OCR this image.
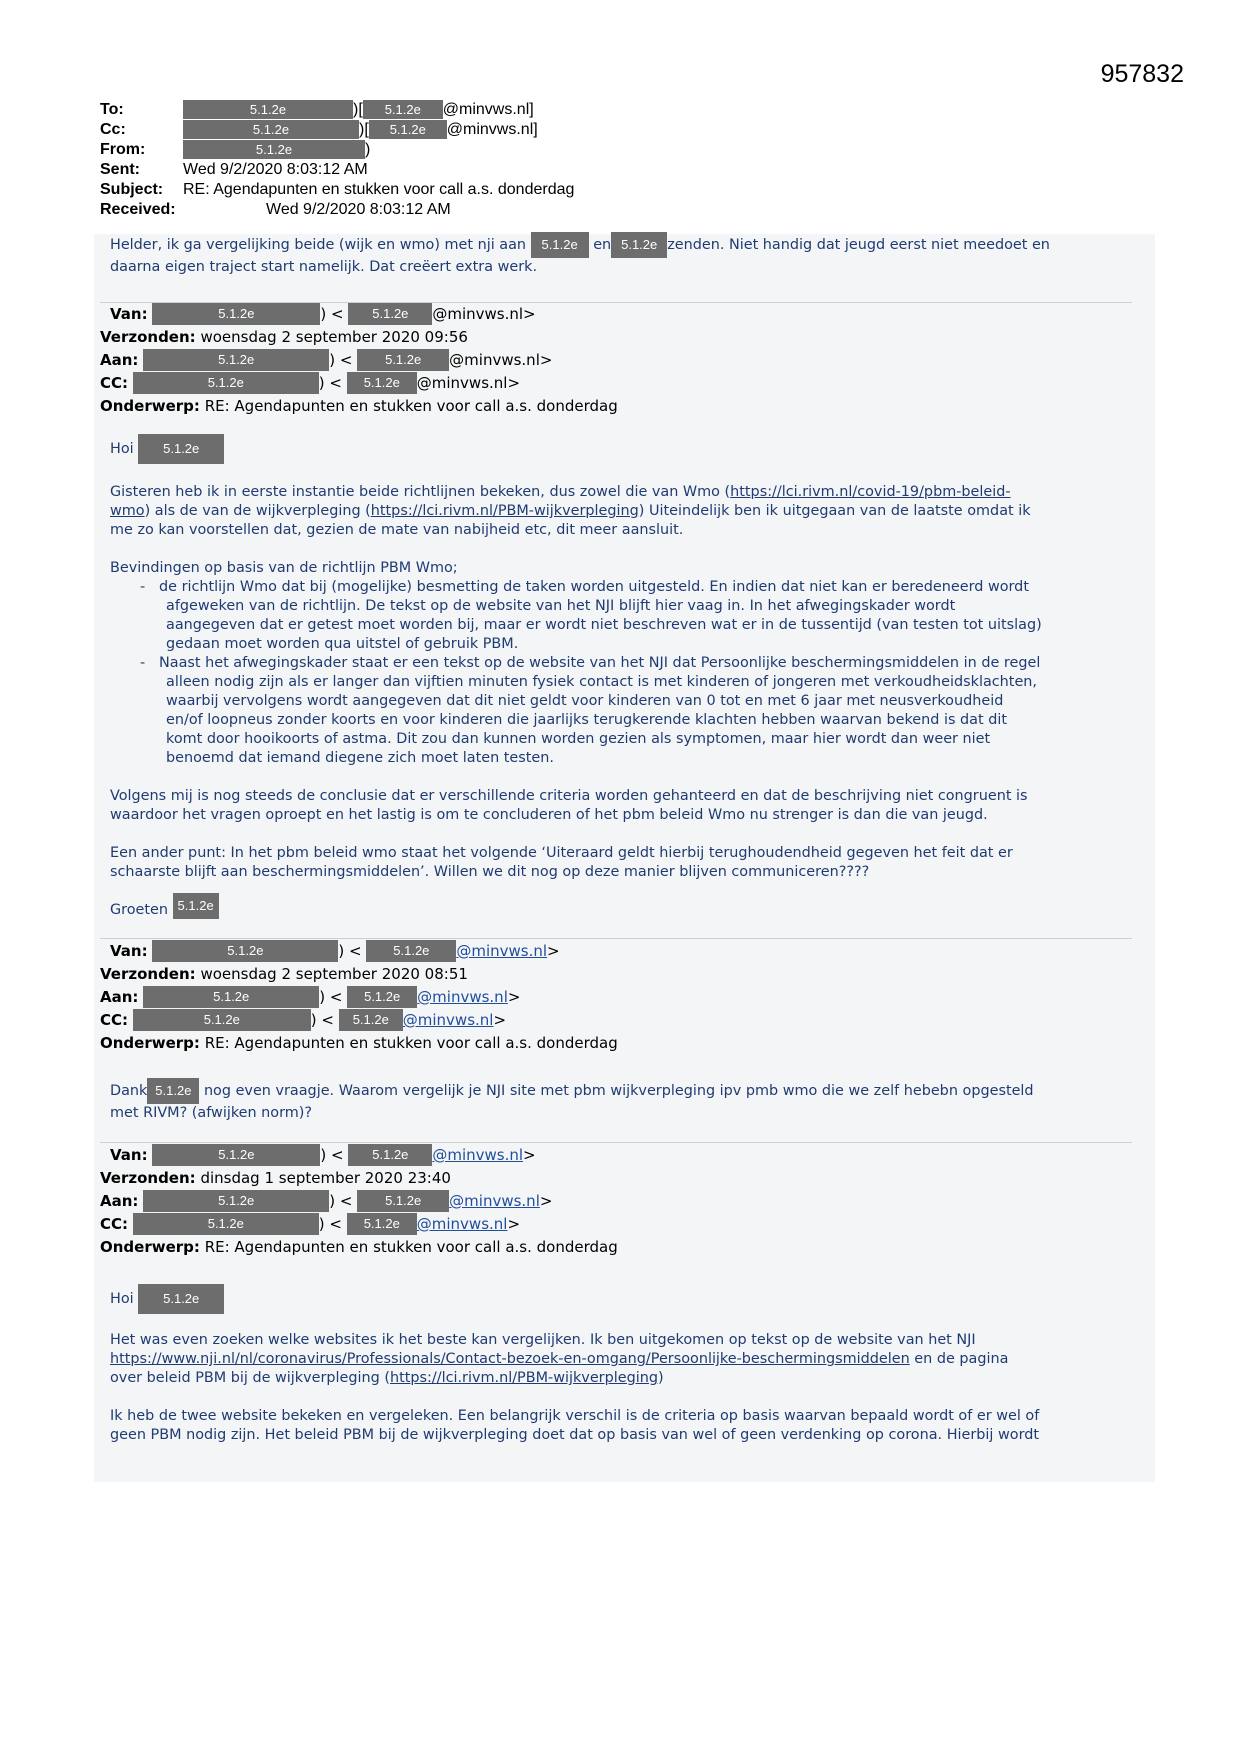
957832
To:	5.1.2e	)[ 5.1.2e @minvws.nl]
Cc:	5.1.2e	)[ 5.1.2e @minvws.nl]
From:	5.1.2e	)
Sent:	Wed 9/2/2020 8:03:12 AM
Subject: RE: Agendapunten en stukken voor call a.s. donderdag
Received:	Wed 9/2/2020 8:03:12 AM

Helder, ik ga vergelijking beide (wijk en wmo) met nji aan 5.1.2e en 5.1.2e zenden. Niet handig dat jeugd eerst niet meedoet en

daarna eigen traject start namelijk. Dat creëert extra werk.

Van:	5.1.2e	) < 5.1.2e @minvws.nl>
Verzonden: woensdag 2 september 2020 09:56
Aan:	5.1.2e	) < 5.1.2e @minvws.nl>
CC:	5.1.2e	) < 5.1.2e @minvws.nl>
Onderwerp: RE: Agendapunten en stukken voor call a.s. donderdag

Hoi 5.1.2e

Gisteren heb ik in eerste instantie beide richtlijnen bekeken, dus zowel die van Wmo (https://lci.rivm.nl/covid-19/pbm-beleid-

wmo) als de van de wijkverpleging (https://lci.rivm.nl/PBM-wijkverpleging) Uiteindelijk ben ik uitgegaan van de laatste omdat ik

me zo kan voorstellen dat, gezien de mate van nabijheid etc, dit meer aansluit.

Bevindingen op basis van de richtlijn PBM Wmo;

- de richtlijn Wmo dat bij (mogelijke) besmetting de taken worden uitgesteld. En indien dat niet kan er beredeneerd wordt
afgeweken van de richtlijn. De tekst op de website van het NJI blijft hier vaag in. In het afwegingskader wordt
aangegeven dat er getest moet worden bij, maar er wordt niet beschreven wat er in de tussentijd (van testen tot uitslag)
gedaan moet worden qua uitstel of gebruik PBM.
- Naast het afwegingskader staat er een tekst op de website van het NJI dat Persoonlijke beschermingsmiddelen in de regel
alleen nodig zijn als er langer dan vijftien minuten fysiek contact is met kinderen of jongeren met verkoudheidsklachten,
waarbij vervolgens wordt aangegeven dat dit niet geldt voor kinderen van 0 tot en met 6 jaar met neusverkoudheid
en/of loopneus zonder koorts en voor kinderen die jaarlijks terugkerende klachten hebben waarvan bekend is dat dit
komt door hooikoorts of astma. Dit zou dan kunnen worden gezien als symptomen, maar hier wordt dan weer niet
benoemd dat iemand diegene zich moet laten testen.

Volgens mij is nog steeds de conclusie dat er verschillende criteria worden gehanteerd en dat de beschrijving niet congruent is

waardoor het vragen oproept en het lastig is om te concluderen of het pbm beleid Wmo nu strenger is dan die van jeugd.

Een ander punt: In het pbm beleid wmo staat het volgende ‘Uiteraard geldt hierbij terughoudendheid gegeven het feit dat er

schaarste blijft aan beschermingsmiddelen’. Willen we dit nog op deze manier blijven communiceren????

Groeten 5.1.2e

Van:	5.1.2e	) < 5.1.2e @minvws.nl>
Verzonden: woensdag 2 september 2020 08:51
Aan:	5.1.2e	) < 5.1.2e @minvws.nl>
CC:	5.1.2e	) < 5.1.2e @minvws.nl>
Onderwerp: RE: Agendapunten en stukken voor call a.s. donderdag

Dank 5.1.2e nog even vraagje. Waarom vergelijk je NJI site met pbm wijkverpleging ipv pmb wmo die we zelf hebebn opgesteld

met RIVM? (afwijken norm)?

Van:	5.1.2e	) < 5.1.2e @minvws.nl>
Verzonden: dinsdag 1 september 2020 23:40
Aan:	5.1.2e	) < 5.1.2e @minvws.nl>
CC:	5.1.2e	) < 5.1.2e @minvws.nl>
Onderwerp: RE: Agendapunten en stukken voor call a.s. donderdag

Hoi 5.1.2e

Het was even zoeken welke websites ik het beste kan vergelijken. Ik ben uitgekomen op tekst op de website van het NJI

https://www.nji.nl/nl/coronavirus/Professionals/Contact-bezoek-en-omgang/Persoonlijke-beschermingsmiddelen en de pagina

over beleid PBM bij de wijkverpleging (https://lci.rivm.nl/PBM-wijkverpleging)

Ik heb de twee website bekeken en vergeleken. Een belangrijk verschil is de criteria op basis waarvan bepaald wordt of er wel of

geen PBM nodig zijn. Het beleid PBM bij de wijkverpleging doet dat op basis van wel of geen verdenking op corona. Hierbij wordt
